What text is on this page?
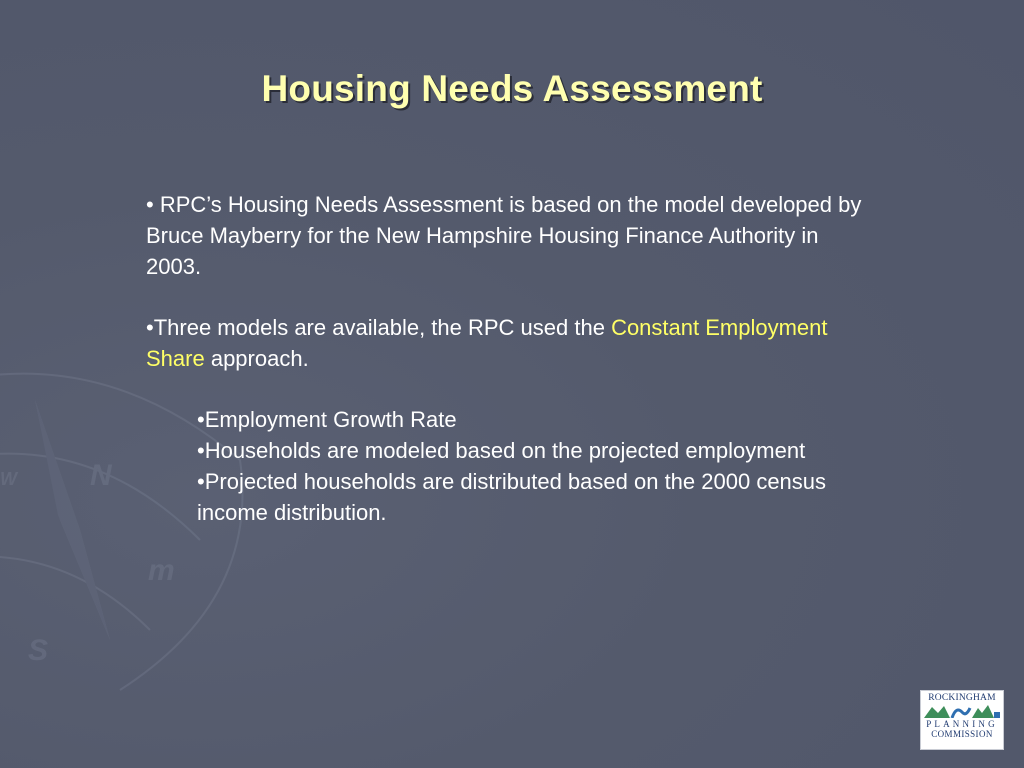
N
S
W
m
Housing Needs Assessment

• RPC’s Housing Needs Assessment is based on the model developed by Bruce Mayberry for the New Hampshire Housing Finance Authority in 2003.

•Three models are available, the RPC used the Constant Employment Share approach.

•Employment Growth Rate
•Households are modeled based on the projected employment
•Projected households are distributed based on the 2000 census income distribution.
ROCKINGHAM
PLANNING
COMMISSION
